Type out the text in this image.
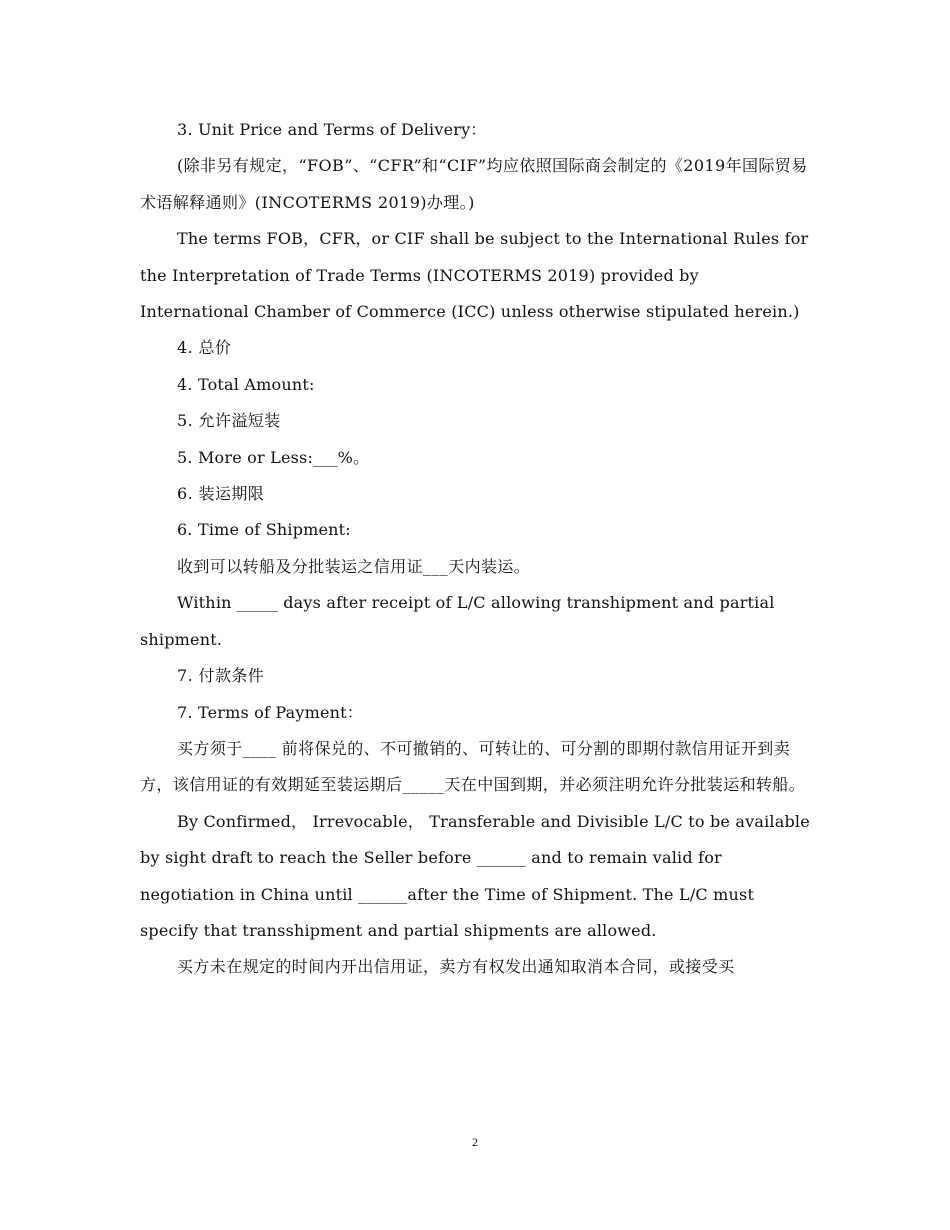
3. Unit Price and Terms of Delivery：

(除非另有规定，“FOB”、“CFR”和“CIF”均应依照国际商会制定的《2019年国际贸易术语解释通则》(INCOTERMS 2019)办理。)

The terms FOB，CFR，or CIF shall be subject to the International Rules for the Interpretation of Trade Terms (INCOTERMS 2019) provided by International Chamber of Commerce (ICC) unless otherwise stipulated herein.)

4. 总价

4. Total Amount:

5. 允许溢短装

5. More or Less:___%。

6. 装运期限

6. Time of Shipment:

收到可以转船及分批装运之信用证___天内装运。

Within _____ days after receipt of L/C allowing transhipment and partial shipment.

7. 付款条件

7. Terms of Payment：

买方须于____ 前将保兑的、不可撤销的、可转让的、可分割的即期付款信用证开到卖方，该信用证的有效期延至装运期后_____天在中国到期，并必须注明允许分批装运和转船。

By Confirmed， Irrevocable， Transferable and Divisible L/C to be available by sight draft to reach the Seller before ______ and to remain valid for negotiation in China until ______after the Time of Shipment. The L/C must specify that transshipment and partial shipments are allowed.

买方未在规定的时间内开出信用证，卖方有权发出通知取消本合同，或接受买

2
